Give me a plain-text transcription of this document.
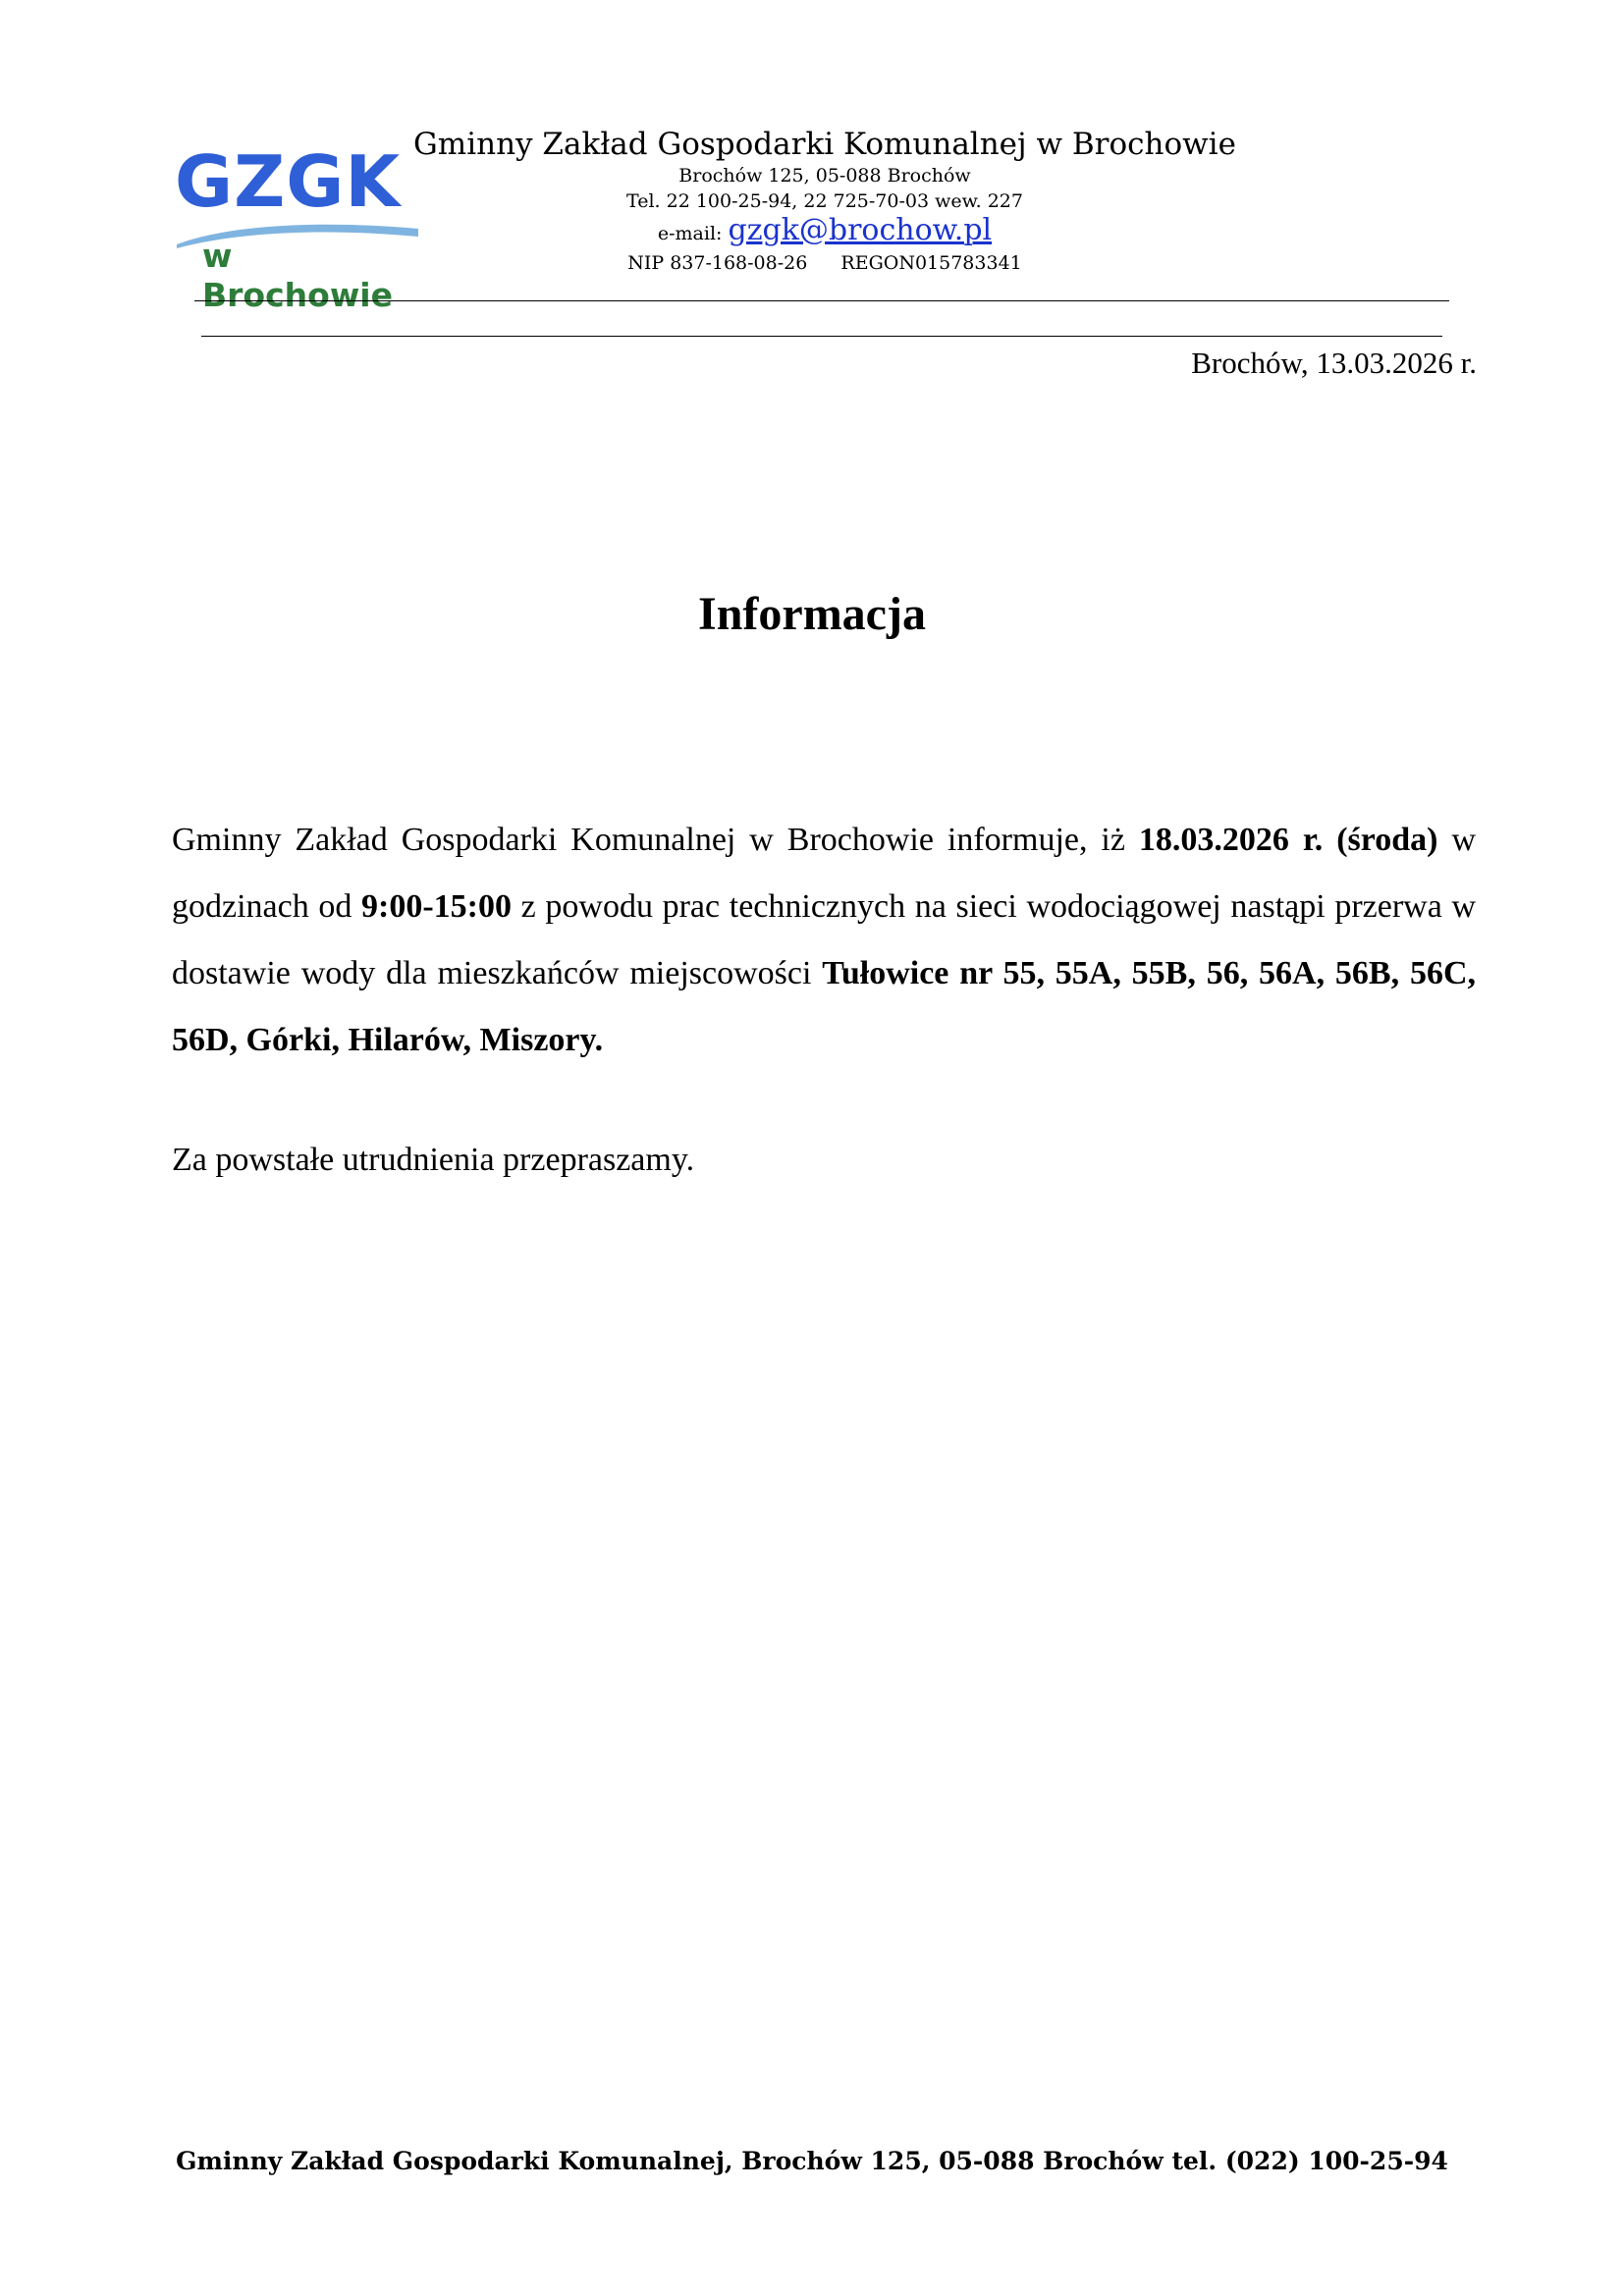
GZGK
w Brochowie
Gminny Zakład Gospodarki Komunalnej w Brochowie
Brochów 125, 05-088 Brochów
Tel. 22 100-25-94, 22 725-70-03 wew. 227
e-mail: gzgk@brochow.pl
NIP 837-168-08-26 REGON015783341
Brochów, 13.03.2026 r.
Informacja
Gminny Zakład Gospodarki Komunalnej w Brochowie informuje, iż 18.03.2026 r. (środa) w godzinach od 9:00-15:00 z powodu prac technicznych na sieci wodociągowej nastąpi przerwa w dostawie wody dla mieszkańców miejscowości Tułowice nr 55, 55A, 55B, 56, 56A, 56B, 56C, 56D, Górki, Hilarów, Miszory.
Za powstałe utrudnienia przepraszamy.
Gminny Zakład Gospodarki Komunalnej, Brochów 125, 05-088 Brochów tel. (022) 100-25-94
